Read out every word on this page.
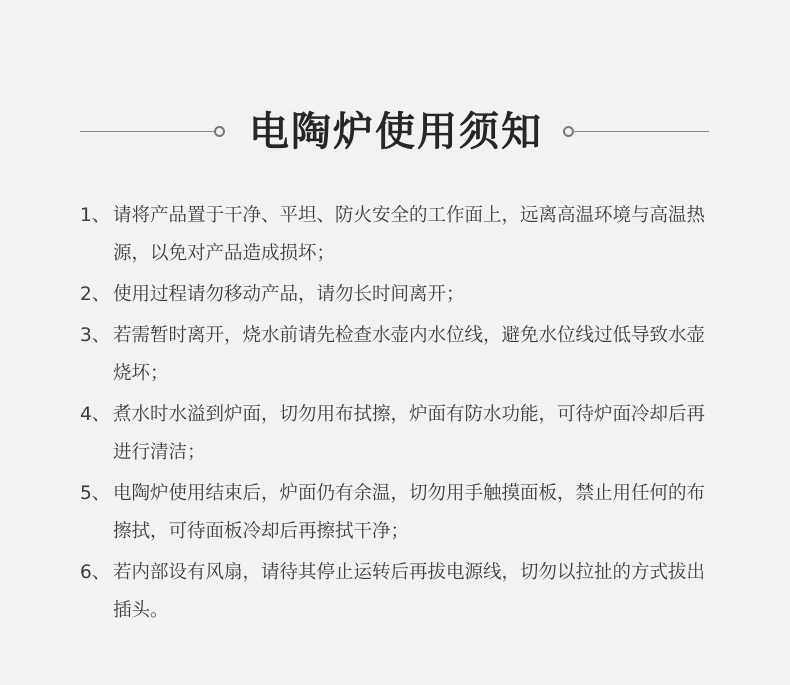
电陶炉使用须知
1、 请将产品置于干净、平坦、防火安全的工作面上，远离高温环境与高温热源，以免对产品造成损坏；
2、 使用过程请勿移动产品，请勿长时间离开；
3、 若需暂时离开，烧水前请先检查水壶内水位线，避免水位线过低导致水壶烧坏；
4、 煮水时水溢到炉面，切勿用布拭擦，炉面有防水功能，可待炉面冷却后再进行清洁；
5、 电陶炉使用结束后，炉面仍有余温，切勿用手触摸面板，禁止用任何的布擦拭，可待面板冷却后再擦拭干净；
6、 若内部设有风扇，请待其停止运转后再拔电源线，切勿以拉扯的方式拔出插头。
